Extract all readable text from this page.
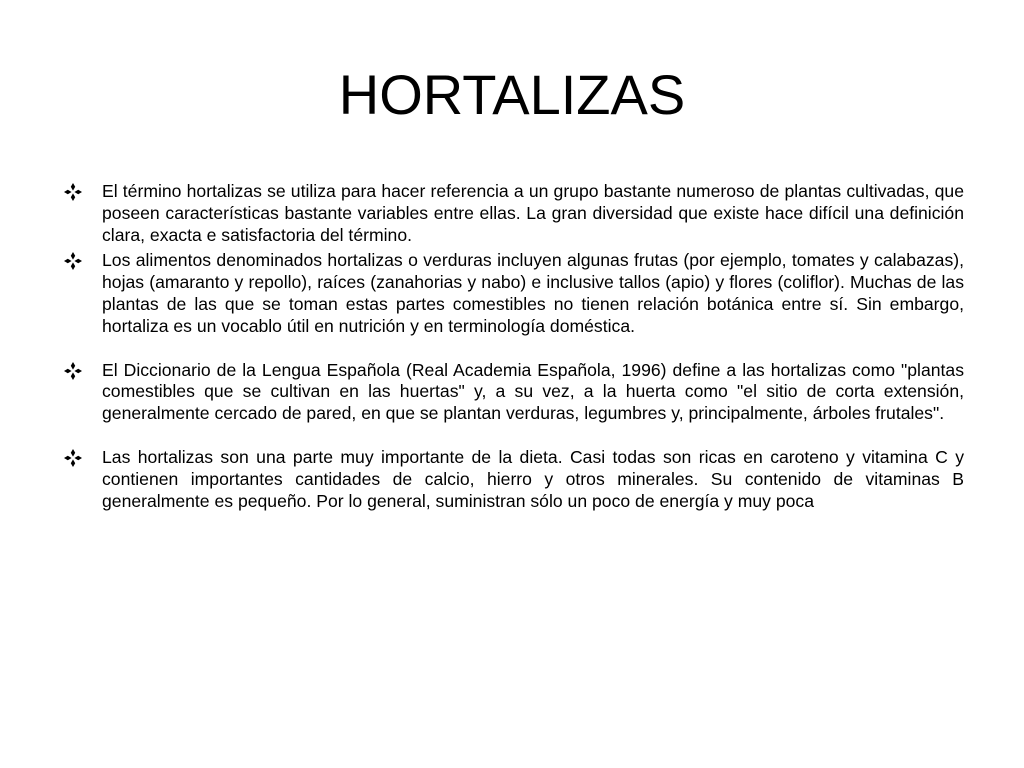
HORTALIZAS
El término hortalizas se utiliza para hacer referencia a un grupo bastante numeroso de plantas cultivadas, que poseen características bastante variables entre ellas. La gran diversidad que existe hace difícil una definición clara, exacta e satisfactoria del término.
Los alimentos denominados hortalizas o verduras incluyen algunas frutas (por ejemplo, tomates y calabazas), hojas (amaranto y repollo), raíces (zanahorias y nabo) e inclusive tallos (apio) y flores (coliflor). Muchas de las plantas de las que se toman estas partes comestibles no tienen relación botánica entre sí. Sin embargo, hortaliza es un vocablo útil en nutrición y en terminología doméstica.
El Diccionario de la Lengua Española (Real Academia Española, 1996) define a las hortalizas como "plantas comestibles que se cultivan en las huertas" y, a su vez, a la huerta como "el sitio de corta extensión, generalmente cercado de pared, en que se plantan verduras, legumbres y, principalmente, árboles frutales".
Las hortalizas son una parte muy importante de la dieta. Casi todas son ricas en caroteno y vitamina C y contienen importantes cantidades de calcio, hierro y otros minerales. Su contenido de vitaminas B generalmente es pequeño. Por lo general, suministran sólo un poco de energía y muy poca
